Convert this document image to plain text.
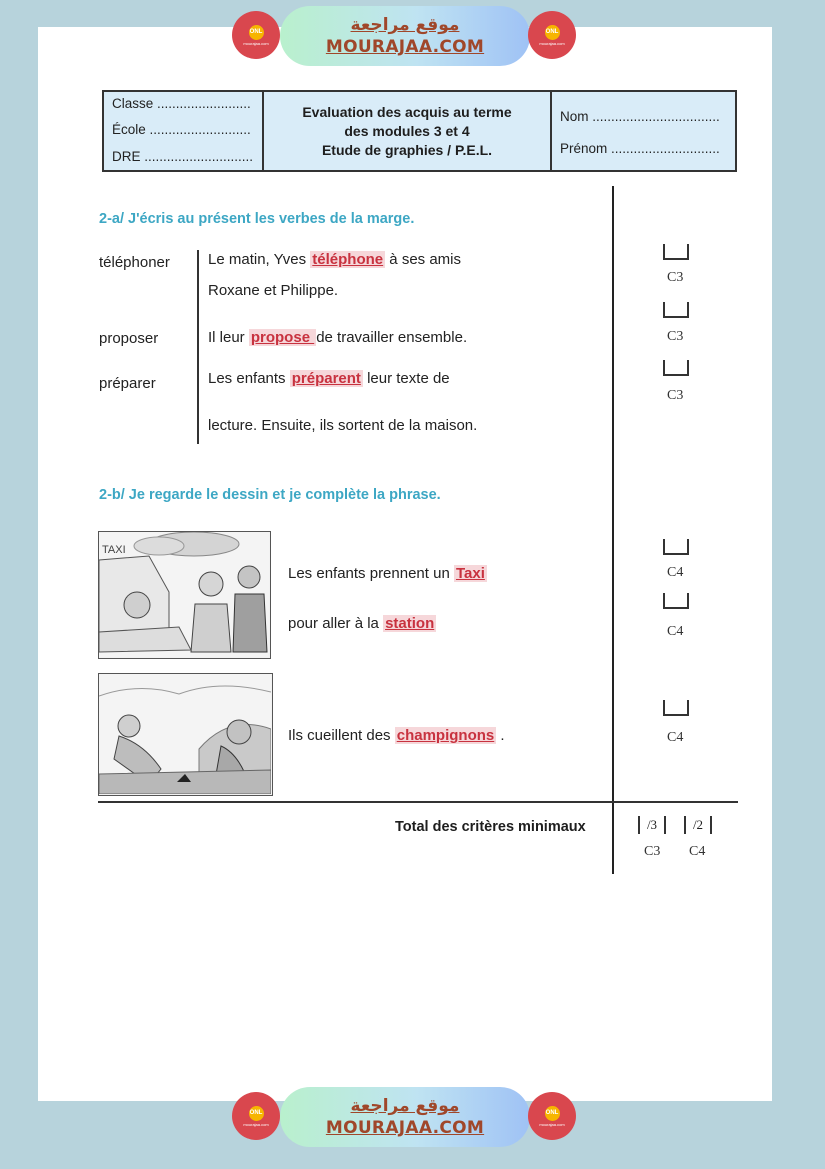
ONL
mourajaa.com
موقع مراجعة
MOURAJAA.COM
ONL
mourajaa.com
Classe .........................
École ...........................
DRE .............................
Evaluation des acquis au terme
des modules 3 et 4
Etude de graphies / P.E.L.
Nom ..................................
Prénom .............................
2-a/ J'écris au présent les verbes de la marge.
téléphoner
proposer
préparer
Le matin, Yves téléphone à ses amis
Roxane et Philippe.
Il leur propose de travailler ensemble.
Les enfants préparent leur texte de
lecture. Ensuite, ils sortent de la maison.
C3
C3
C3
2-b/ Je regarde le dessin et je complète la phrase.
TAXI
Les enfants prennent un Taxi
pour aller à la station
Ils cueillent des champignons .
C4
C4
C4
Total des critères minimaux	/3	/2
C3 C4
ONL
mourajaa.com
موقع مراجعة
MOURAJAA.COM
ONL
mourajaa.com
